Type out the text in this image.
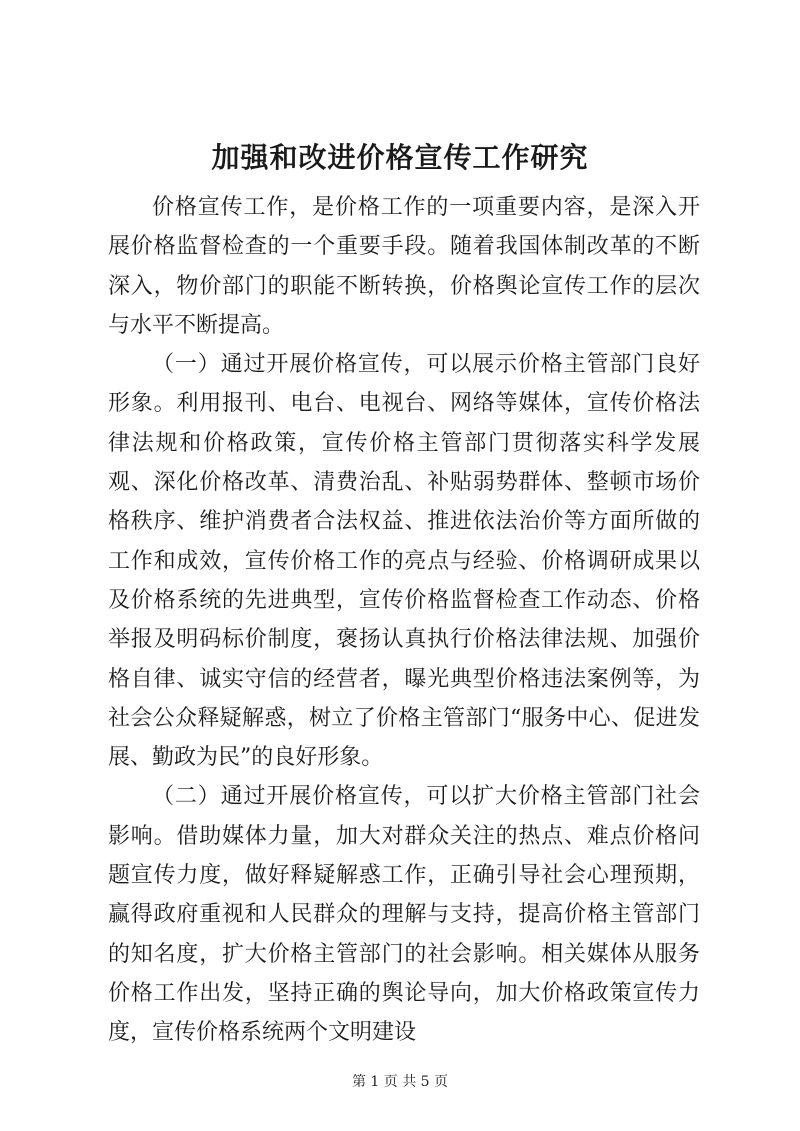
加强和改进价格宣传工作研究

价格宣传工作，是价格工作的一项重要内容，是深入开展价格监督检查的一个重要手段。随着我国体制改革的不断深入，物价部门的职能不断转换，价格舆论宣传工作的层次与水平不断提高。

（一）通过开展价格宣传，可以展示价格主管部门良好形象。利用报刊、电台、电视台、网络等媒体，宣传价格法律法规和价格政策，宣传价格主管部门贯彻落实科学发展观、深化价格改革、清费治乱、补贴弱势群体、整顿市场价格秩序、维护消费者合法权益、推进依法治价等方面所做的工作和成效，宣传价格工作的亮点与经验、价格调研成果以及价格系统的先进典型，宣传价格监督检查工作动态、价格举报及明码标价制度，褒扬认真执行价格法律法规、加强价格自律、诚实守信的经营者，曝光典型价格违法案例等，为社会公众释疑解惑，树立了价格主管部门“服务中心、促进发展、勤政为民”的良好形象。

（二）通过开展价格宣传，可以扩大价格主管部门社会影响。借助媒体力量，加大对群众关注的热点、难点价格问题宣传力度，做好释疑解惑工作，正确引导社会心理预期，赢得政府重视和人民群众的理解与支持，提高价格主管部门的知名度，扩大价格主管部门的社会影响。相关媒体从服务价格工作出发，坚持正确的舆论导向，加大价格政策宣传力度，宣传价格系统两个文明建设

第 1 页 共 5 页
